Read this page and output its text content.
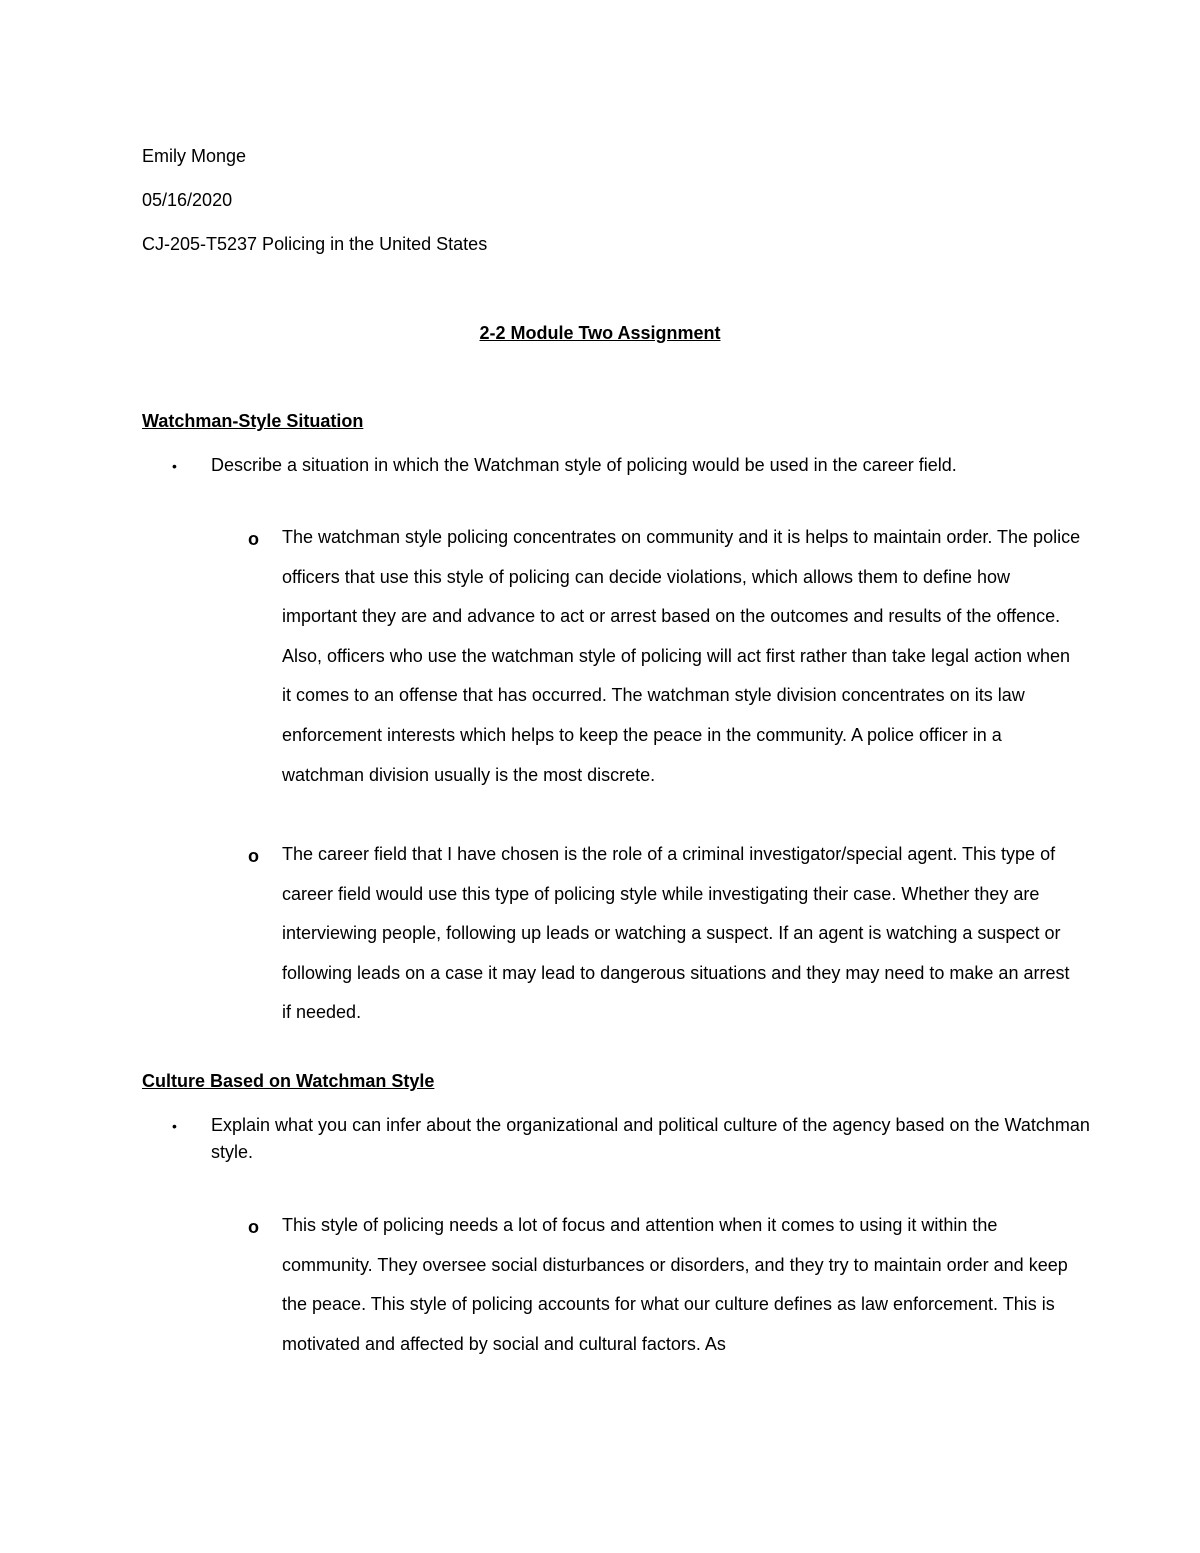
Emily Monge
05/16/2020
CJ-205-T5237 Policing in the United States
2-2 Module Two Assignment
Watchman-Style Situation
• Describe a situation in which the Watchman style of policing would be used in the career field.
o The watchman style policing concentrates on community and it is helps to maintain order. The police officers that use this style of policing can decide violations, which allows them to define how important they are and advance to act or arrest based on the outcomes and results of the offence. Also, officers who use the watchman style of policing will act first rather than take legal action when it comes to an offense that has occurred. The watchman style division concentrates on its law enforcement interests which helps to keep the peace in the community. A police officer in a watchman division usually is the most discrete.
o The career field that I have chosen is the role of a criminal investigator/special agent. This type of career field would use this type of policing style while investigating their case. Whether they are interviewing people, following up leads or watching a suspect. If an agent is watching a suspect or following leads on a case it may lead to dangerous situations and they may need to make an arrest if needed.
Culture Based on Watchman Style
• Explain what you can infer about the organizational and political culture of the agency based on the Watchman style.
o This style of policing needs a lot of focus and attention when it comes to using it within the community. They oversee social disturbances or disorders, and they try to maintain order and keep the peace. This style of policing accounts for what our culture defines as law enforcement. This is motivated and affected by social and cultural factors. As
